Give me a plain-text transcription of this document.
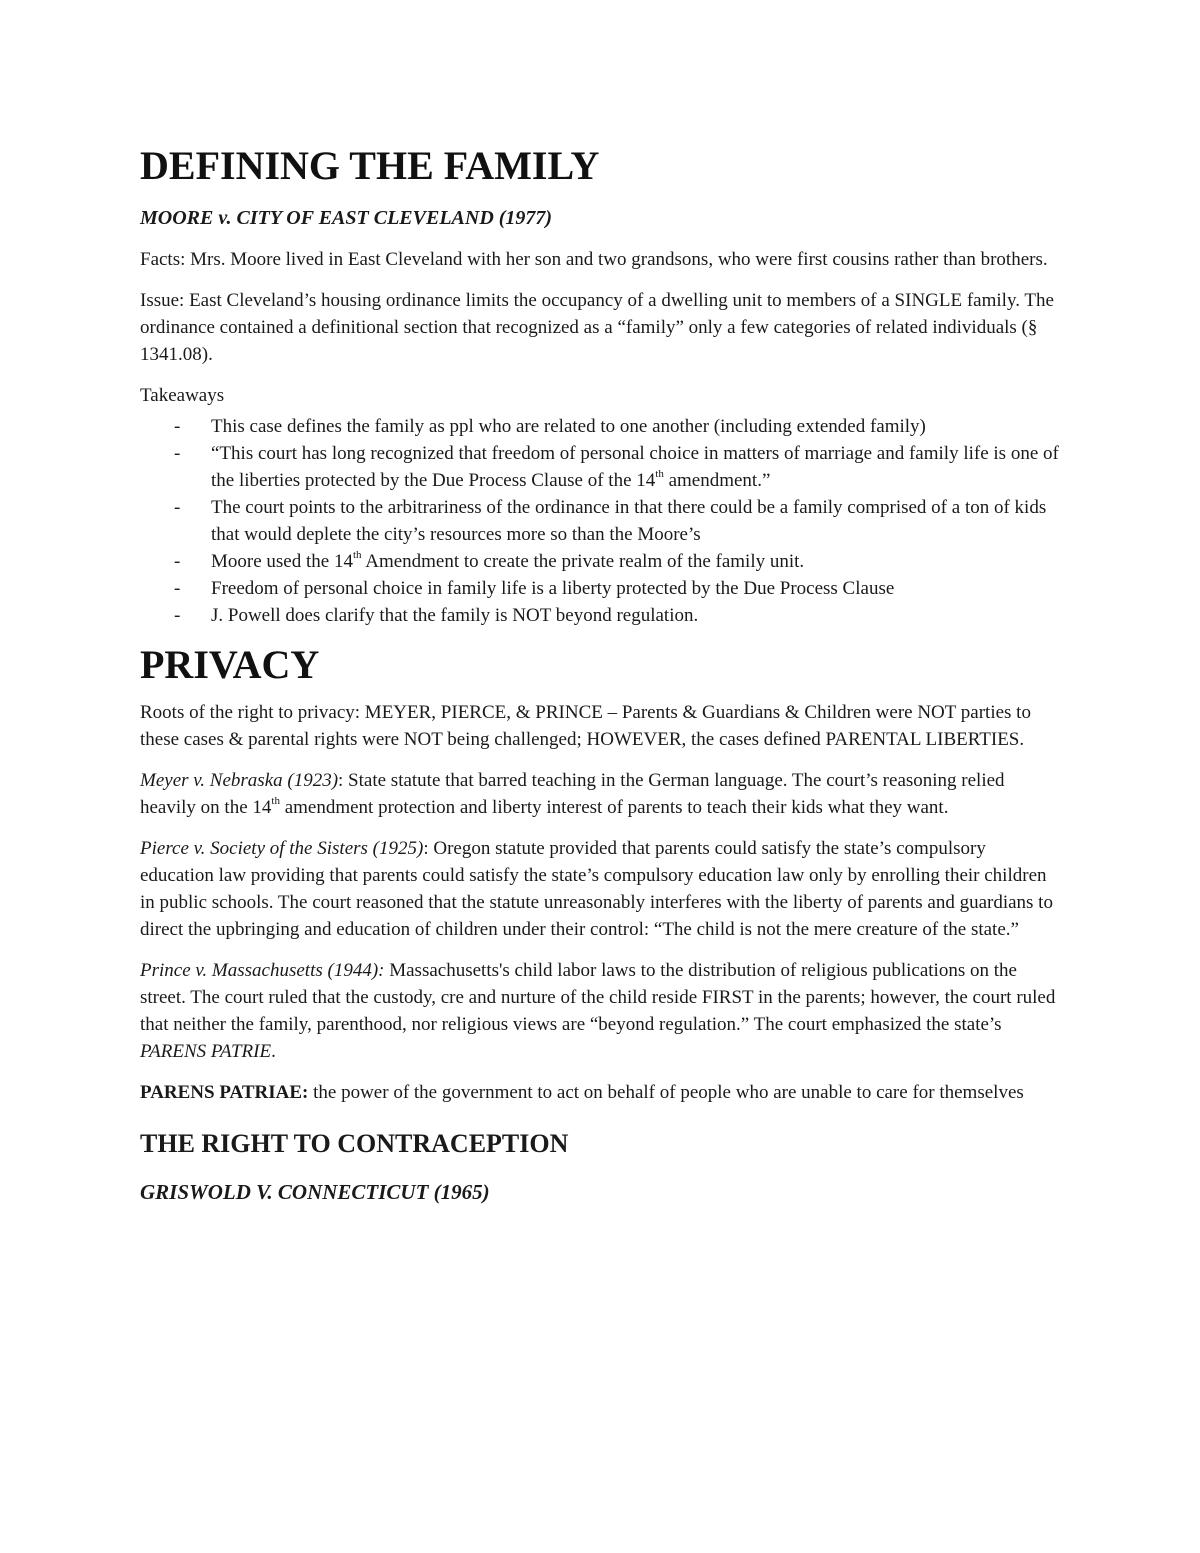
DEFINING THE FAMILY

MOORE v. CITY OF EAST CLEVELAND (1977)

Facts: Mrs. Moore lived in East Cleveland with her son and two grandsons, who were first cousins rather than brothers.

Issue: East Cleveland’s housing ordinance limits the occupancy of a dwelling unit to members of a SINGLE family. The ordinance contained a definitional section that recognized as a “family” only a few categories of related individuals (§ 1341.08).

Takeaways

- This case defines the family as ppl who are related to one another (including extended family)
- “This court has long recognized that freedom of personal choice in matters of marriage and family life is one of the liberties protected by the Due Process Clause of the 14th amendment.”
- The court points to the arbitrariness of the ordinance in that there could be a family comprised of a ton of kids that would deplete the city’s resources more so than the Moore’s
- Moore used the 14th Amendment to create the private realm of the family unit.
- Freedom of personal choice in family life is a liberty protected by the Due Process Clause
- J. Powell does clarify that the family is NOT beyond regulation.
PRIVACY

Roots of the right to privacy: MEYER, PIERCE, & PRINCE – Parents & Guardians & Children were NOT parties to these cases & parental rights were NOT being challenged; HOWEVER, the cases defined PARENTAL LIBERTIES.

Meyer v. Nebraska (1923): State statute that barred teaching in the German language. The court’s reasoning relied heavily on the 14th amendment protection and liberty interest of parents to teach their kids what they want.

Pierce v. Society of the Sisters (1925): Oregon statute provided that parents could satisfy the state’s compulsory education law providing that parents could satisfy the state’s compulsory education law only by enrolling their children in public schools. The court reasoned that the statute unreasonably interferes with the liberty of parents and guardians to direct the upbringing and education of children under their control: “The child is not the mere creature of the state.”

Prince v. Massachusetts (1944): Massachusetts's child labor laws to the distribution of religious publications on the street. The court ruled that the custody, cre and nurture of the child reside FIRST in the parents; however, the court ruled that neither the family, parenthood, nor religious views are “beyond regulation.” The court emphasized the state’s PARENS PATRIE.

PARENS PATRIAE: the power of the government to act on behalf of people who are unable to care for themselves

THE RIGHT TO CONTRACEPTION

GRISWOLD V. CONNECTICUT (1965)
